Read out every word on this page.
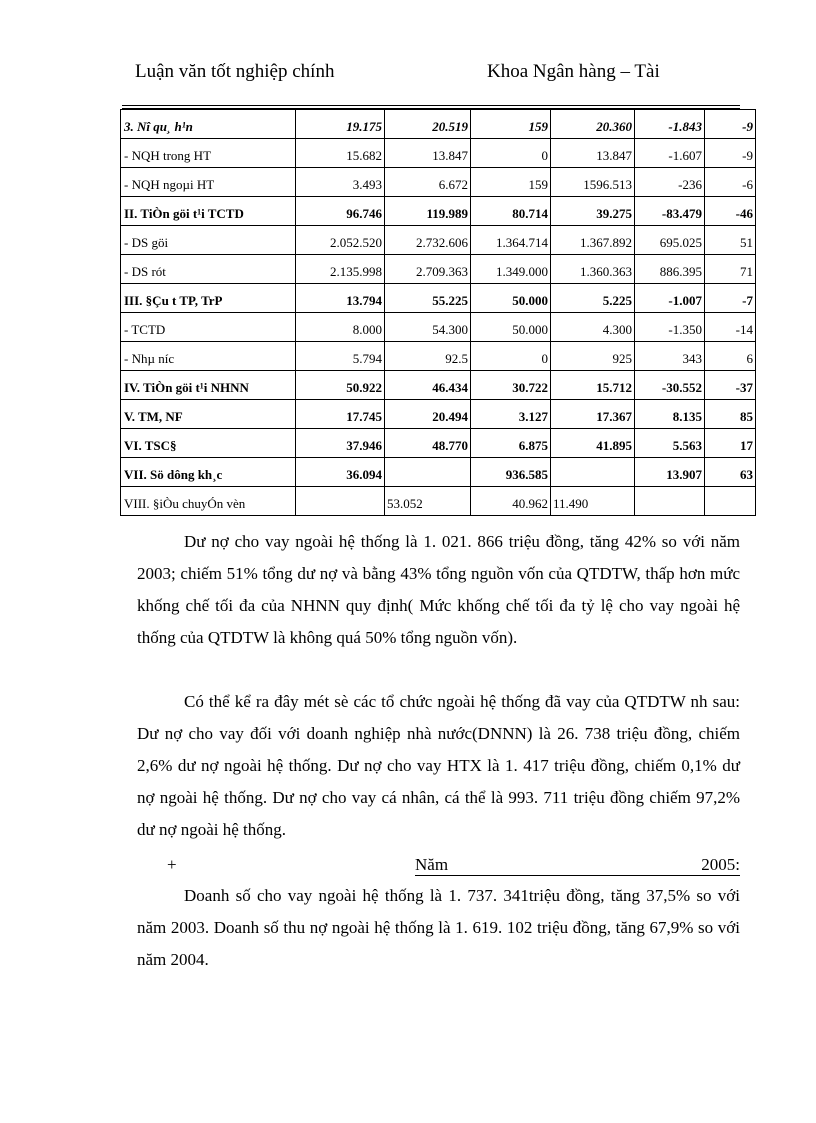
Luận văn tốt nghiệp chính	Khoa Ngân hàng – Tài
3. Nî qu¸ h¹n	19.175	20.519	159	20.360	-1.843	-9
- NQH trong HT	15.682	13.847	0	13.847	-1.607	-9
- NQH ngoµi HT	3.493	6.672	159	1596.513	-236	-6
II. TiÒn göi t¹i TCTD	96.746	119.989	80.714	39.275	-83.479	-46
- DS göi	2.052.520	2.732.606	1.364.714	1.367.892	695.025	51
- DS rót	2.135.998	2.709.363	1.349.000	1.360.363	886.395	71
III. §Çu t TP, TrP	13.794	55.225	50.000	5.225	-1.007	-7
- TCTD	8.000	54.300	50.000	4.300	-1.350	-14
- Nhµ níc	5.794	92.5	0	925	343	6
IV. TiÒn göi t¹i NHNN	50.922	46.434	30.722	15.712	-30.552	-37
V. TM, NF	17.745	20.494	3.127	17.367	8.135	85
VI. TSC§	37.946	48.770	6.875	41.895	5.563	17
VII. Sö dông kh¸c	36.094		936.585		13.907	63
VIII. §iÒu chuyÓn vèn		53.052	40.962	11.490		
Dư nợ cho vay ngoài hệ thống là 1. 021. 866 triệu đồng, tăng 42% so với năm 2003; chiếm 51% tổng dư nợ và bằng 43% tổng nguồn vốn của QTDTW, thấp hơn mức khống chế tối đa của NHNN quy định( Mức khống chế tối đa tỷ lệ cho vay ngoài hệ thống của QTDTW là không quá 50% tổng nguồn vốn).
Có thể kể ra đây mét sè các tổ chức ngoài hệ thống đã vay của QTDTW nh sau: Dư nợ cho vay đối với doanh nghiệp nhà nước(DNNN) là 26. 738 triệu đồng, chiếm 2,6% dư nợ ngoài hệ thống. Dư nợ cho vay HTX là 1. 417 triệu đồng, chiếm 0,1% dư nợ ngoài hệ thống. Dư nợ cho vay cá nhân, cá thể là 993. 711 triệu đồng chiếm 97,2% dư nợ ngoài hệ thống.
+	Năm	2005:
Doanh số cho vay ngoài hệ thống là 1. 737. 341triệu đồng, tăng 37,5% so với năm 2003. Doanh số thu nợ ngoài hệ thống là 1. 619. 102 triệu đồng, tăng 67,9% so với năm 2004.
